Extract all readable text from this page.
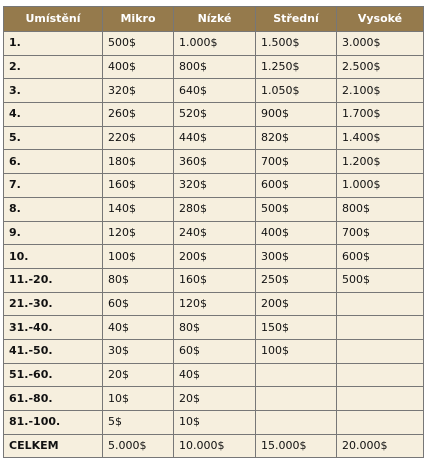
Umístění	Mikro	Nízké	Střední	Vysoké
1.	500$	1.000$	1.500$	3.000$
2.	400$	800$	1.250$	2.500$
3.	320$	640$	1.050$	2.100$
4.	260$	520$	900$	1.700$
5.	220$	440$	820$	1.400$
6.	180$	360$	700$	1.200$
7.	160$	320$	600$	1.000$
8.	140$	280$	500$	800$
9.	120$	240$	400$	700$
10.	100$	200$	300$	600$
11.-20.	80$	160$	250$	500$
21.-30.	60$	120$	200$	
31.-40.	40$	80$	150$	
41.-50.	30$	60$	100$	
51.-60.	20$	40$		
61.-80.	10$	20$		
81.-100.	5$	10$		
CELKEM	5.000$	10.000$	15.000$	20.000$
